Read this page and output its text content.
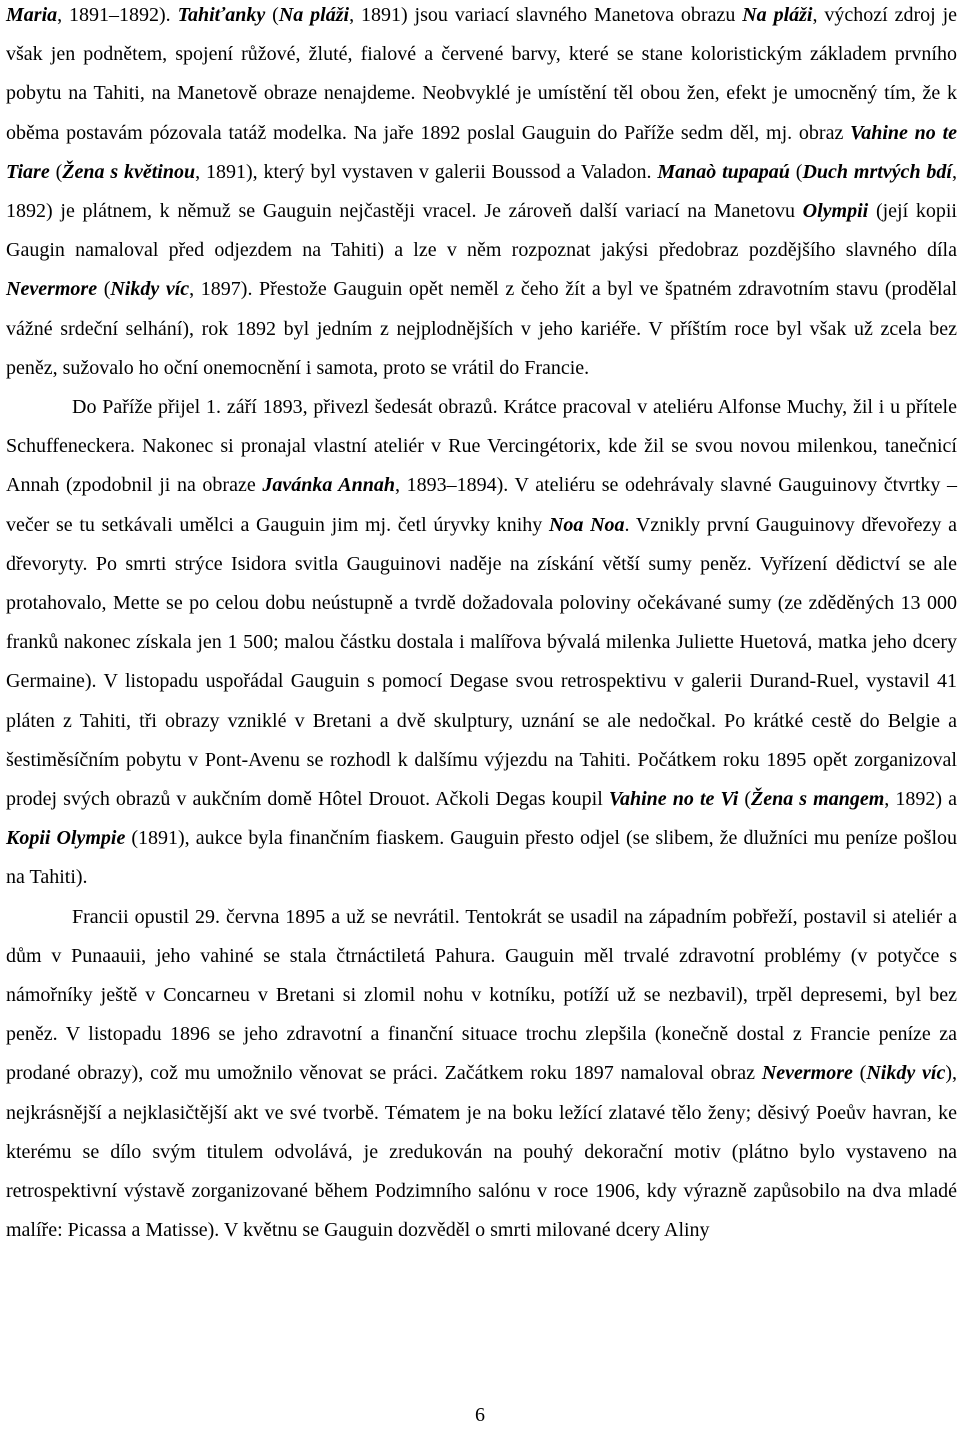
Maria, 1891–1892). Tahiťanky (Na pláži, 1891) jsou variací slavného Manetova obrazu Na pláži, výchozí zdroj je však jen podnětem, spojení růžové, žluté, fialové a červené barvy, které se stane koloristickým základem prvního pobytu na Tahiti, na Manetově obraze nenajdeme. Neobvyklé je umístění těl obou žen, efekt je umocněný tím, že k oběma postavám pózovala tatáž modelka. Na jaře 1892 poslal Gauguin do Paříže sedm děl, mj. obraz Vahine no te Tiare (Žena s květinou, 1891), který byl vystaven v galerii Boussod a Valadon. Manaò tupapaú (Duch mrtvých bdí, 1892) je plátnem, k němuž se Gauguin nejčastěji vracel. Je zároveň další variací na Manetovu Olympii (její kopii Gaugin namaloval před odjezdem na Tahiti) a lze v něm rozpoznat jakýsi předobraz pozdějšího slavného díla Nevermore (Nikdy víc, 1897). Přestože Gauguin opět neměl z čeho žít a byl ve špatném zdravotním stavu (prodělal vážné srdeční selhání), rok 1892 byl jedním z nejplodnějších v jeho kariéře. V příštím roce byl však už zcela bez peněz, sužovalo ho oční onemocnění i samota, proto se vrátil do Francie.

Do Paříže přijel 1. září 1893, přivezl šedesát obrazů. Krátce pracoval v ateliéru Alfonse Muchy, žil i u přítele Schuffeneckera. Nakonec si pronajal vlastní ateliér v Rue Vercingétorix, kde žil se svou novou milenkou, tanečnicí Annah (zpodobnil ji na obraze Javánka Annah, 1893–1894). V ateliéru se odehrávaly slavné Gauguinovy čtvrtky – večer se tu setkávali umělci a Gauguin jim mj. četl úryvky knihy Noa Noa. Vznikly první Gauguinovy dřevořezy a dřevoryty. Po smrti strýce Isidora svitla Gauguinovi naděje na získání větší sumy peněz. Vyřízení dědictví se ale protahovalo, Mette se po celou dobu neústupně a tvrdě dožadovala poloviny očekávané sumy (ze zděděných 13 000 franků nakonec získala jen 1 500; malou částku dostala i malířova bývalá milenka Juliette Huetová, matka jeho dcery Germaine). V listopadu uspořádal Gauguin s pomocí Degase svou retrospektivu v galerii Durand-Ruel, vystavil 41 pláten z Tahiti, tři obrazy vzniklé v Bretani a dvě skulptury, uznání se ale nedočkal. Po krátké cestě do Belgie a šestiměsíčním pobytu v Pont-Avenu se rozhodl k dalšímu výjezdu na Tahiti. Počátkem roku 1895 opět zorganizoval prodej svých obrazů v aukčním domě Hôtel Drouot. Ačkoli Degas koupil Vahine no te Vi (Žena s mangem, 1892) a Kopii Olympie (1891), aukce byla finančním fiaskem. Gauguin přesto odjel (se slibem, že dlužníci mu peníze pošlou na Tahiti).

Francii opustil 29. června 1895 a už se nevrátil. Tentokrát se usadil na západním pobřeží, postavil si ateliér a dům v Punaauii, jeho vahiné se stala čtrnáctiletá Pahura. Gauguin měl trvalé zdravotní problémy (v potyčce s námořníky ještě v Concarneu v Bretani si zlomil nohu v kotníku, potíží už se nezbavil), trpěl depresemi, byl bez peněz. V listopadu 1896 se jeho zdravotní a finanční situace trochu zlepšila (konečně dostal z Francie peníze za prodané obrazy), což mu umožnilo věnovat se práci. Začátkem roku 1897 namaloval obraz Nevermore (Nikdy víc), nejkrásnější a nejklasičtější akt ve své tvorbě. Tématem je na boku ležící zlatavé tělo ženy; děsivý Poeův havran, ke kterému se dílo svým titulem odvolává, je zredukován na pouhý dekorační motiv (plátno bylo vystaveno na retrospektivní výstavě zorganizované během Podzimního salónu v roce 1906, kdy výrazně zapůsobilo na dva mladé malíře: Picassa a Matisse). V květnu se Gauguin dozvěděl o smrti milované dcery Aliny

6
